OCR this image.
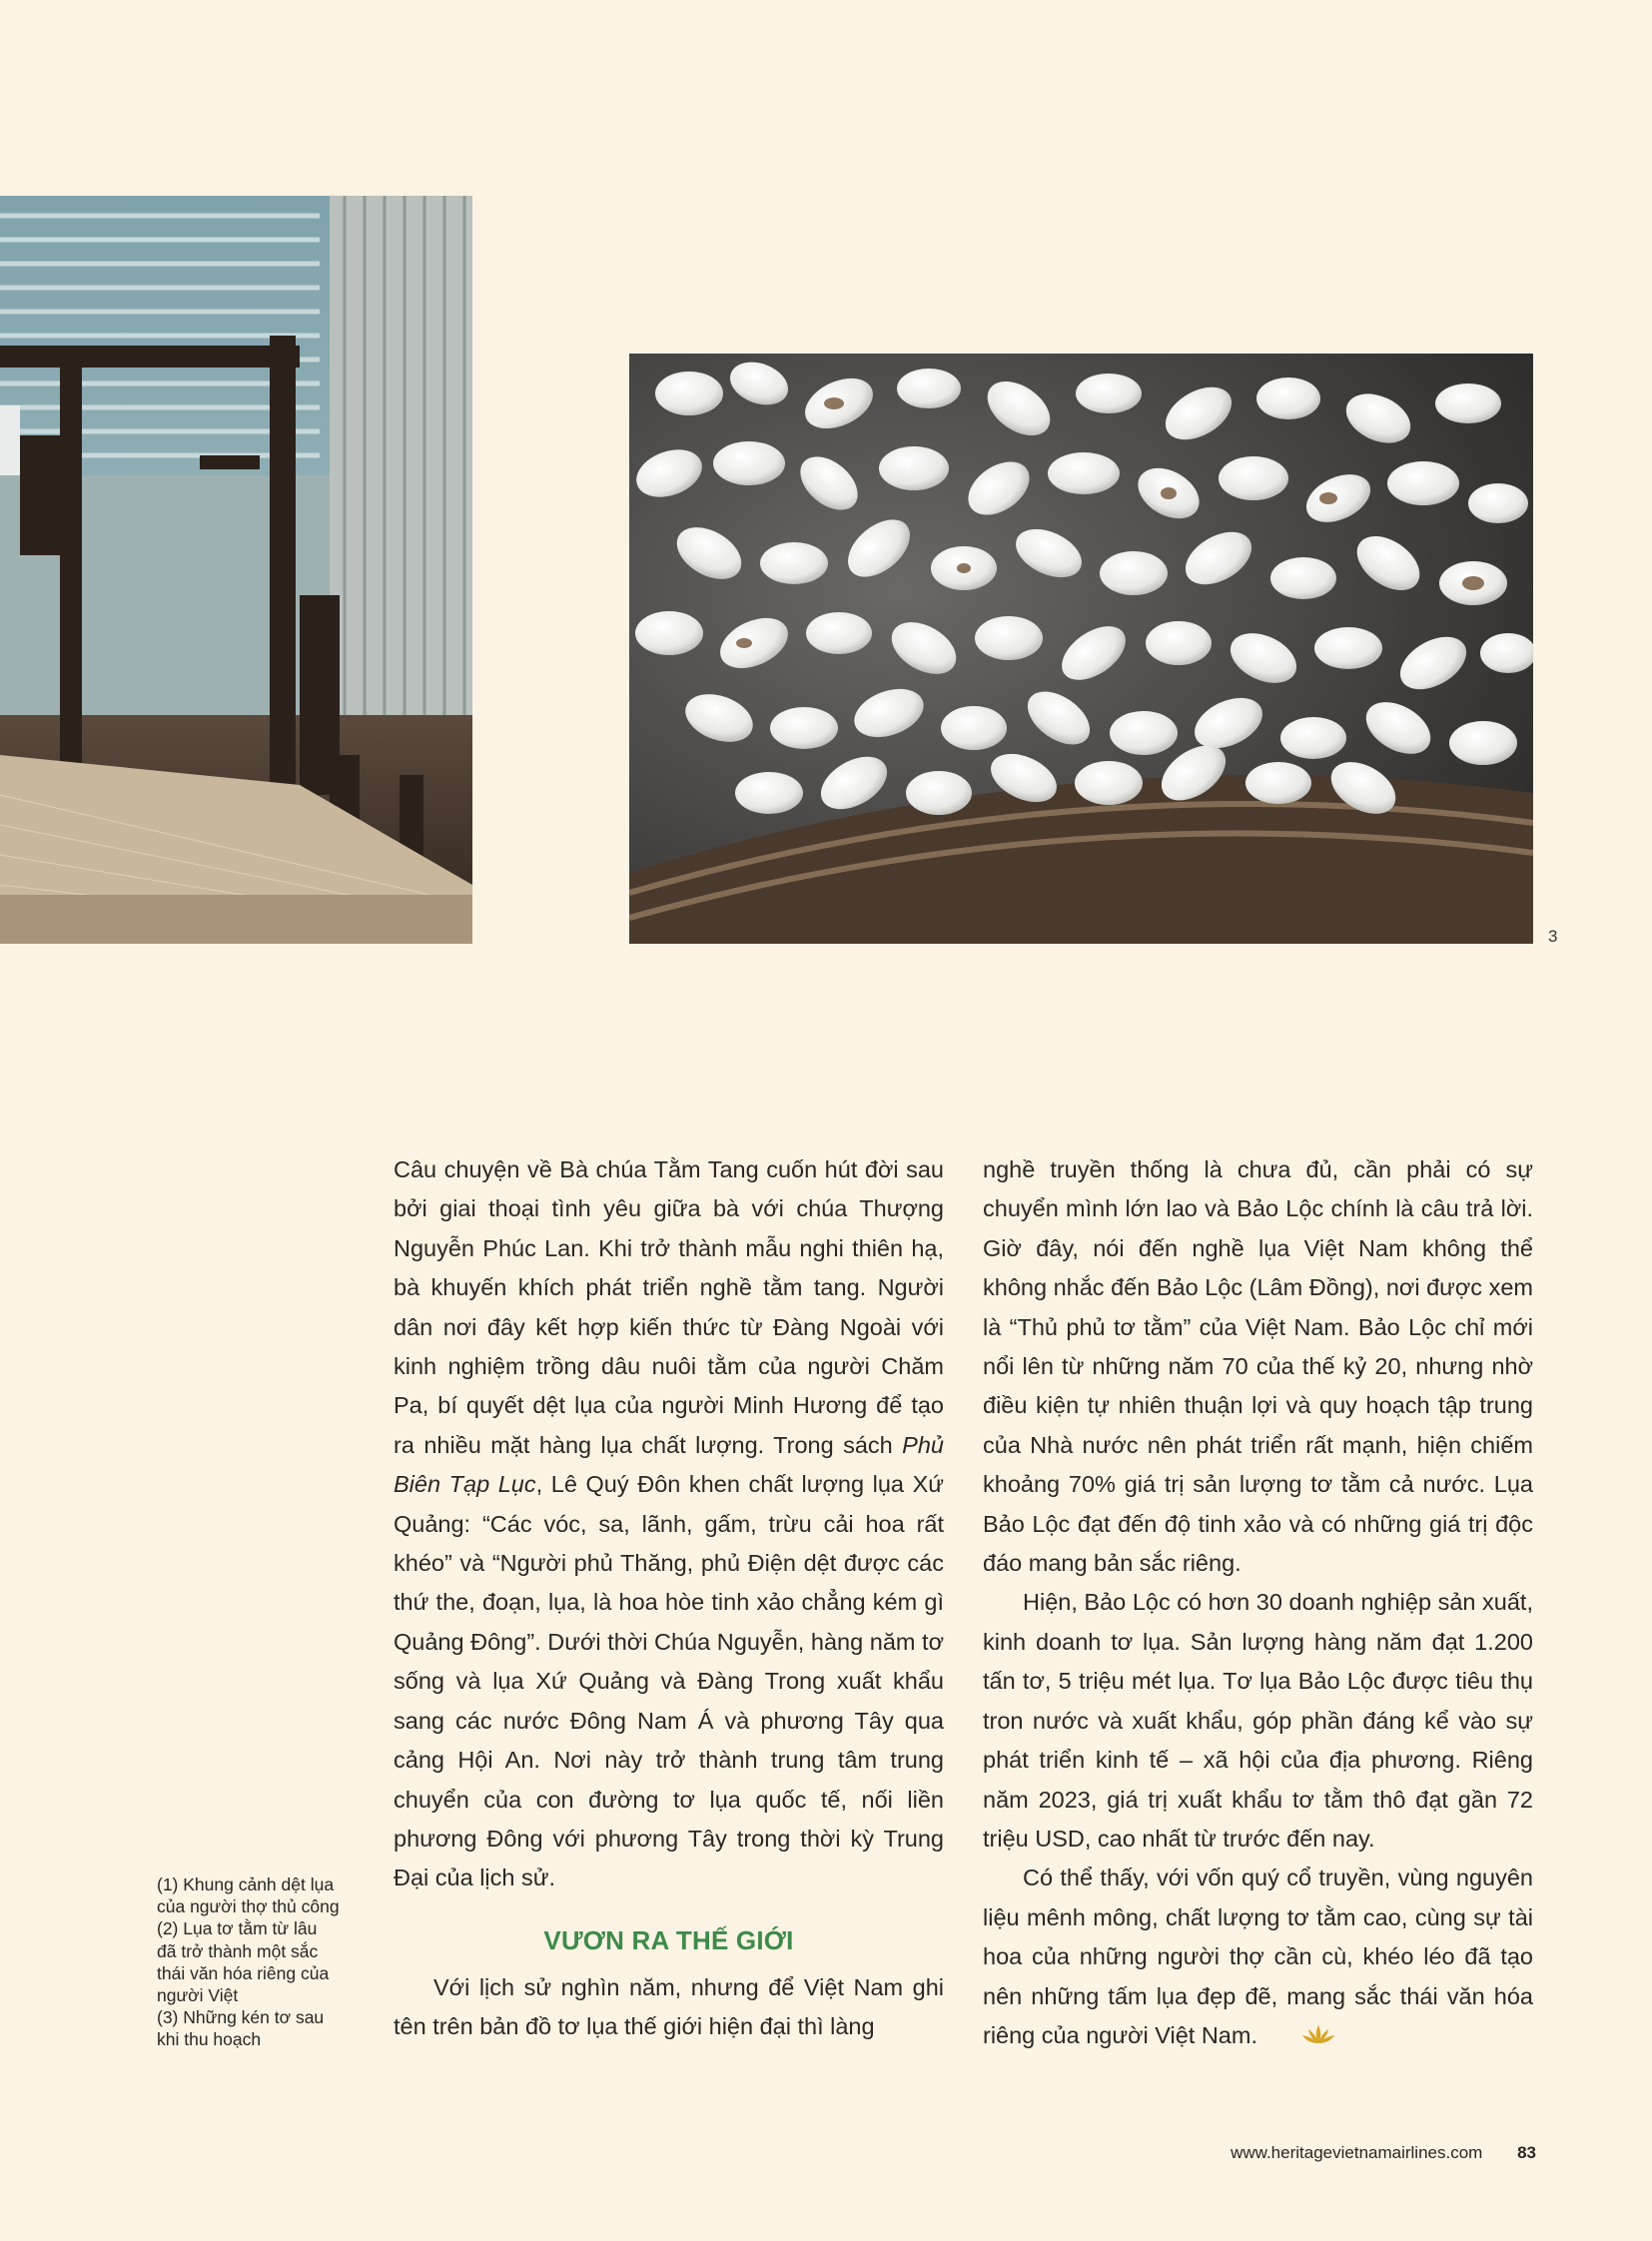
3

(1) Khung cảnh dệt lụa

của người thợ thủ công

(2) Lụa tơ tằm từ lâu

đã trở thành một sắc

thái văn hóa riêng của

người Việt

(3) Những kén tơ sau

khi thu hoạch

Câu chuyện về Bà chúa Tằm Tang cuốn hút đời sau bởi giai thoại tình yêu giữa bà với chúa Thượng Nguyễn Phúc Lan. Khi trở thành mẫu nghi thiên hạ, bà khuyến khích phát triển nghề tằm tang. Người dân nơi đây kết hợp kiến thức từ Đàng Ngoài với kinh nghiệm trồng dâu nuôi tằm của người Chăm Pa, bí quyết dệt lụa của người Minh Hương để tạo ra nhiều mặt hàng lụa chất lượng. Trong sách Phủ Biên Tạp Lục, Lê Quý Đôn khen chất lượng lụa Xứ Quảng: “Các vóc, sa, lãnh, gấm, trừu cải hoa rất khéo” và “Người phủ Thăng, phủ Điện dệt được các thứ the, đoạn, lụa, là hoa hòe tinh xảo chẳng kém gì Quảng Đông”. Dưới thời Chúa Nguyễn, hàng năm tơ sống và lụa Xứ Quảng và Đàng Trong xuất khẩu sang các nước Đông Nam Á và phương Tây qua cảng Hội An. Nơi này trở thành trung tâm trung chuyển của con đường tơ lụa quốc tế, nối liền phương Đông với phương Tây trong thời kỳ Trung Đại của lịch sử.

VƯƠN RA THẾ GIỚI

Với lịch sử nghìn năm, nhưng để Việt Nam ghi tên trên bản đồ tơ lụa thế giới hiện đại thì làng

nghề truyền thống là chưa đủ, cần phải có sự chuyển mình lớn lao và Bảo Lộc chính là câu trả lời. Giờ đây, nói đến nghề lụa Việt Nam không thể không nhắc đến Bảo Lộc (Lâm Đồng), nơi được xem là “Thủ phủ tơ tằm” của Việt Nam. Bảo Lộc chỉ mới nổi lên từ những năm 70 của thế kỷ 20, nhưng nhờ điều kiện tự nhiên thuận lợi và quy hoạch tập trung của Nhà nước nên phát triển rất mạnh, hiện chiếm khoảng 70% giá trị sản lượng tơ tằm cả nước. Lụa Bảo Lộc đạt đến độ tinh xảo và có những giá trị độc đáo mang bản sắc riêng.

Hiện, Bảo Lộc có hơn 30 doanh nghiệp sản xuất, kinh doanh tơ lụa. Sản lượng hàng năm đạt 1.200 tấn tơ, 5 triệu mét lụa. Tơ lụa Bảo Lộc được tiêu thụ tron nước và xuất khẩu, góp phần đáng kể vào sự phát triển kinh tế – xã hội của địa phương. Riêng năm 2023, giá trị xuất khẩu tơ tằm thô đạt gần 72 triệu USD, cao nhất từ trước đến nay.

Có thể thấy, với vốn quý cổ truyền, vùng nguyên liệu mênh mông, chất lượng tơ tằm cao, cùng sự tài hoa của những người thợ cần cù, khéo léo đã tạo nên những tấm lụa đẹp đẽ, mang sắc thái văn hóa riêng của người Việt Nam.

www.heritagevietnamairlines.com 83
